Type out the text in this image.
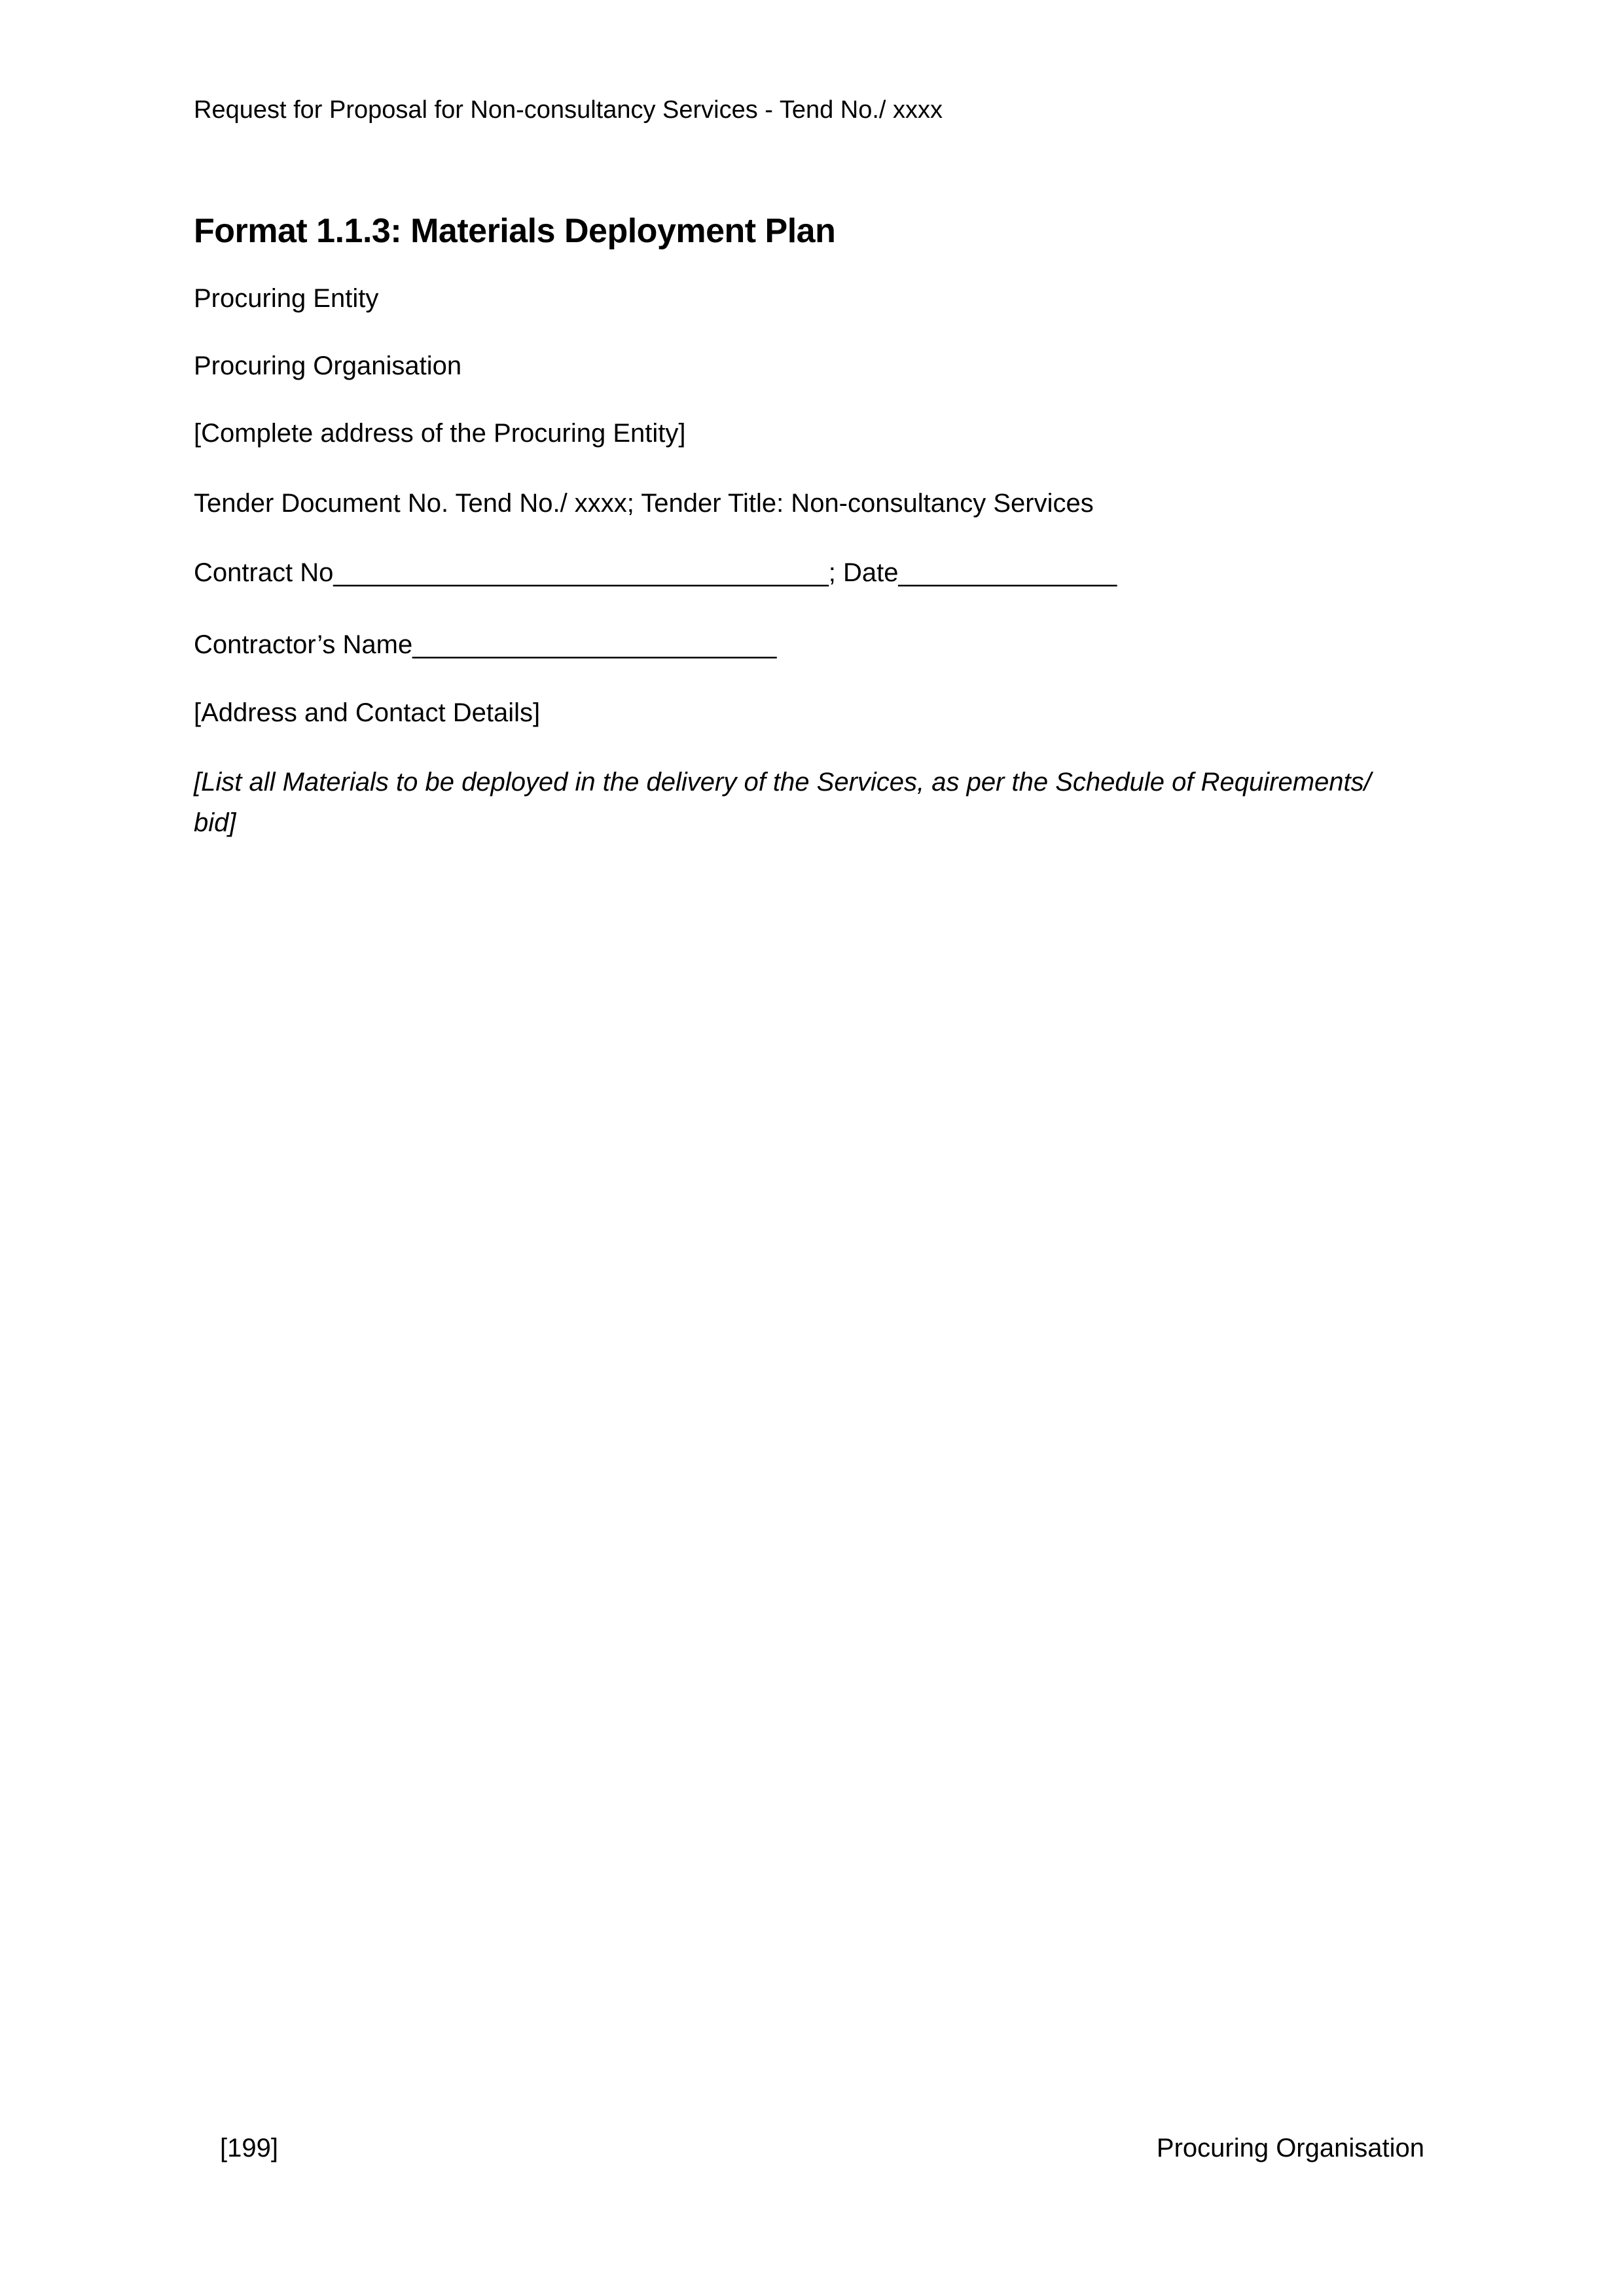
Request for Proposal for Non-consultancy Services - Tend No./ xxxx
Format 1.1.3: Materials Deployment Plan

Procuring Entity

Procuring Organisation

[Complete address of the Procuring Entity]

Tender Document No. Tend No./ xxxx; Tender Title: Non-consultancy Services

Contract No__________________________________; Date_______________

Contractor’s Name_________________________

[Address and Contact Details]

[List all Materials to be deployed in the delivery of the Services, as per the Schedule of Requirements/
bid]

[199]	Procuring Organisation
